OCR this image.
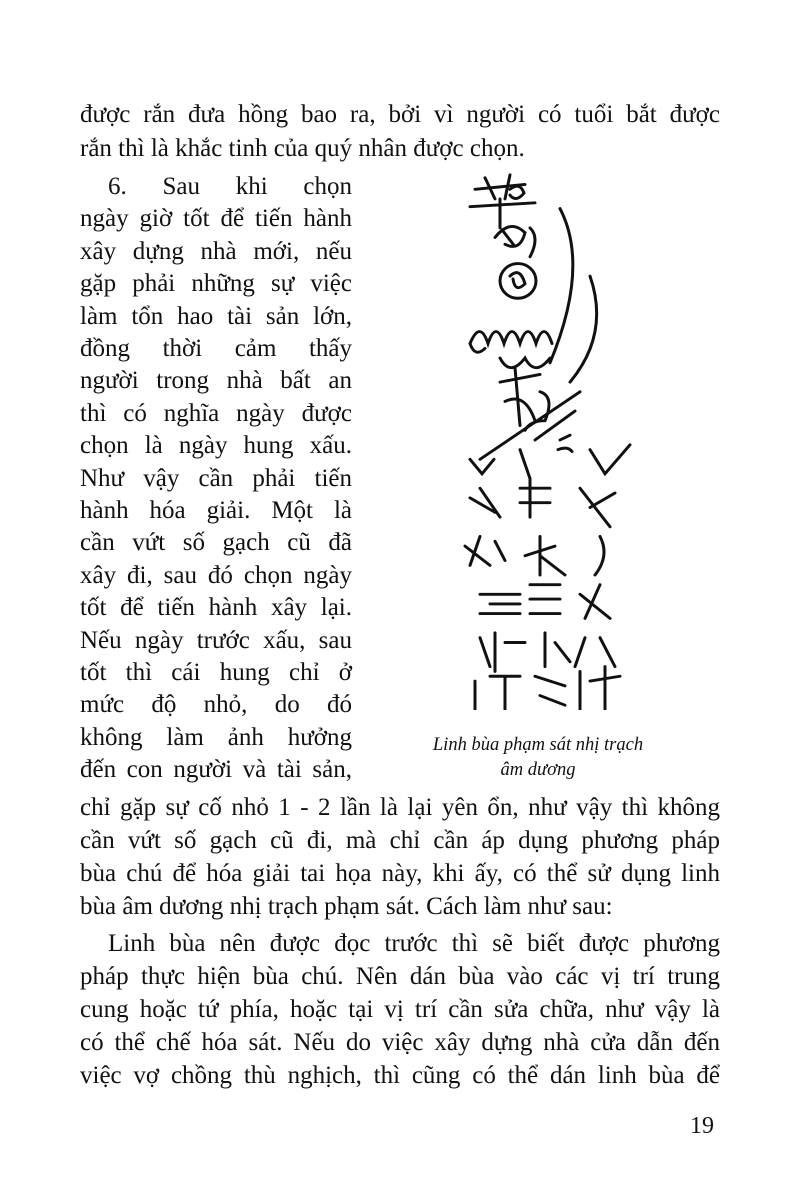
được rắn đưa hồng bao ra, bởi vì người có tuổi bắt được
rắn thì là khắc tinh của quý nhân được chọn.
6. Sau khi chọn
ngày giờ tốt để tiến hành
xây dựng nhà mới, nếu
gặp phải những sự việc
làm tổn hao tài sản lớn,
đồng thời cảm thấy
người trong nhà bất an
thì có nghĩa ngày được
chọn là ngày hung xấu.
Như vậy cần phải tiến
hành hóa giải. Một là
cần vứt số gạch cũ đã
xây đi, sau đó chọn ngày
tốt để tiến hành xây lại.
Nếu ngày trước xấu, sau
tốt thì cái hung chỉ ở
mức độ nhỏ, do đó
không làm ảnh hưởng
đến con người và tài sản,
Linh bùa phạm sát nhị trạch
âm dương
chỉ gặp sự cố nhỏ 1 - 2 lần là lại yên ổn, như vậy thì không
cần vứt số gạch cũ đi, mà chỉ cần áp dụng phương pháp
bùa chú để hóa giải tai họa này, khi ấy, có thể sử dụng linh
bùa âm dương nhị trạch phạm sát. Cách làm như sau:
Linh bùa nên được đọc trước thì sẽ biết được phương
pháp thực hiện bùa chú. Nên dán bùa vào các vị trí trung
cung hoặc tứ phía, hoặc tại vị trí cần sửa chữa, như vậy là
có thể chế hóa sát. Nếu do việc xây dựng nhà cửa dẫn đến
việc vợ chồng thù nghịch, thì cũng có thể dán linh bùa để
19
